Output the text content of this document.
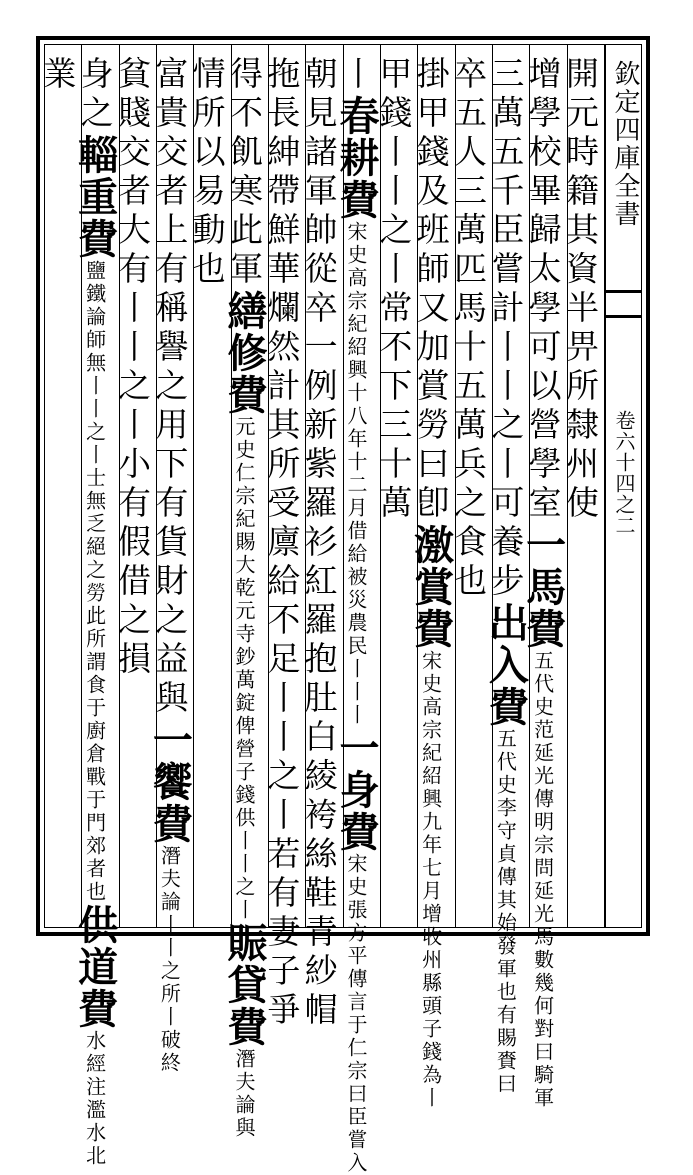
欽定四庫全書
卷六十四之二
開元時籍其資半畀所隸州使
增學校畢歸太學可以營學室一馬費五代史范延光傳明宗問延光馬數幾何對曰騎軍
三萬五千臣嘗計丨丨之丨可養步出入費五代史李守貞傳其始發軍也有賜賚曰
卒五人三萬匹馬十五萬兵之食也
掛甲錢及班師又加賞勞曰卽激賞費宋史高宗紀紹興九年七月增收州縣頭子錢為丨
甲錢丨丨之丨常不下三十萬
丨春耕費宋史高宗紀紹興十八年十二月借給被災農民丨丨丨一身費宋史張方平傳言于仁宗曰臣嘗入
朝見諸軍帥從卒一例新紫羅衫紅羅抱肚白綾袴絲鞋青紗帽
拖長紳帶鮮華爛然計其所受廪給不足丨丨之丨若有妻子爭
得不飢寒此軍繕修費元史仁宗紀賜大乾元寺鈔萬錠俾營子錢供丨丨之丨賑貸費潛夫論與
情所以易動也
富貴交者上有稱譽之用下有貨財之益與一饗費潛夫論丨丨之所丨破終
貧賤交者大有丨丨之丨小有假借之損
身之輜重費鹽鐵論師無丨丨之丨士無乏絕之勞此所謂食于廚倉戰于門郊者也供道費水經注濫水北
業
